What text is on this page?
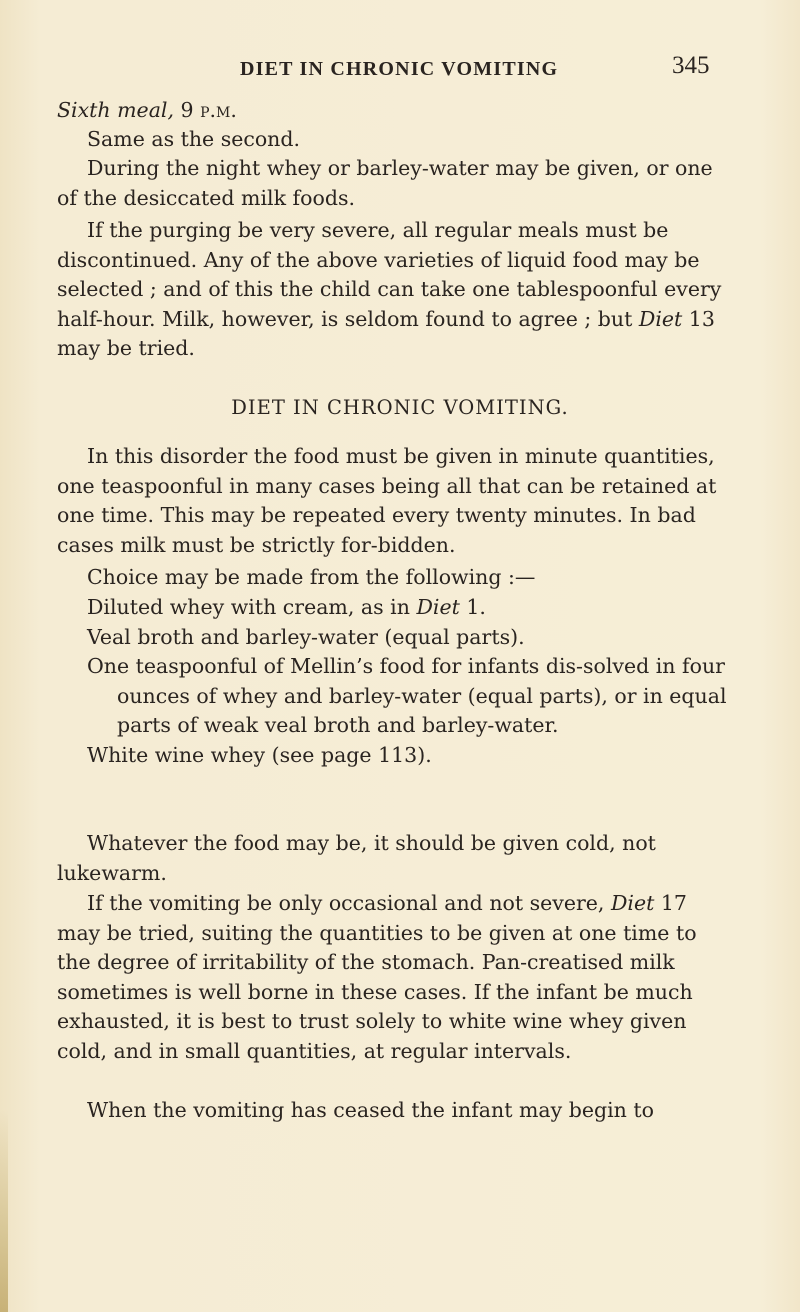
DIET IN CHRONIC VOMITING	345

Sixth meal, 9 p.m.

Same as the second.

During the night whey or barley-water may be given, or one of the desiccated milk foods.

If the purging be very severe, all regular meals must be discontinued. Any of the above varieties of liquid food may be selected ; and of this the child can take one tablespoonful every half-hour. Milk, however, is seldom found to agree ; but Diet 13 may be tried.

DIET IN CHRONIC VOMITING.

In this disorder the food must be given in minute quantities, one teaspoonful in many cases being all that can be retained at one time. This may be repeated every twenty minutes. In bad cases milk must be strictly for-bidden.

Choice may be made from the following :—

Diluted whey with cream, as in Diet 1.
Veal broth and barley-water (equal parts).
One teaspoonful of Mellin’s food for infants dis-solved in four ounces of whey and barley-water (equal parts), or in equal parts of weak veal broth and barley-water.
White wine whey (see page 113).

Whatever the food may be, it should be given cold, not lukewarm.

If the vomiting be only occasional and not severe, Diet 17 may be tried, suiting the quantities to be given at one time to the degree of irritability of the stomach. Pan-creatised milk sometimes is well borne in these cases. If the infant be much exhausted, it is best to trust solely to white wine whey given cold, and in small quantities, at regular intervals.

When the vomiting has ceased the infant may begin to
